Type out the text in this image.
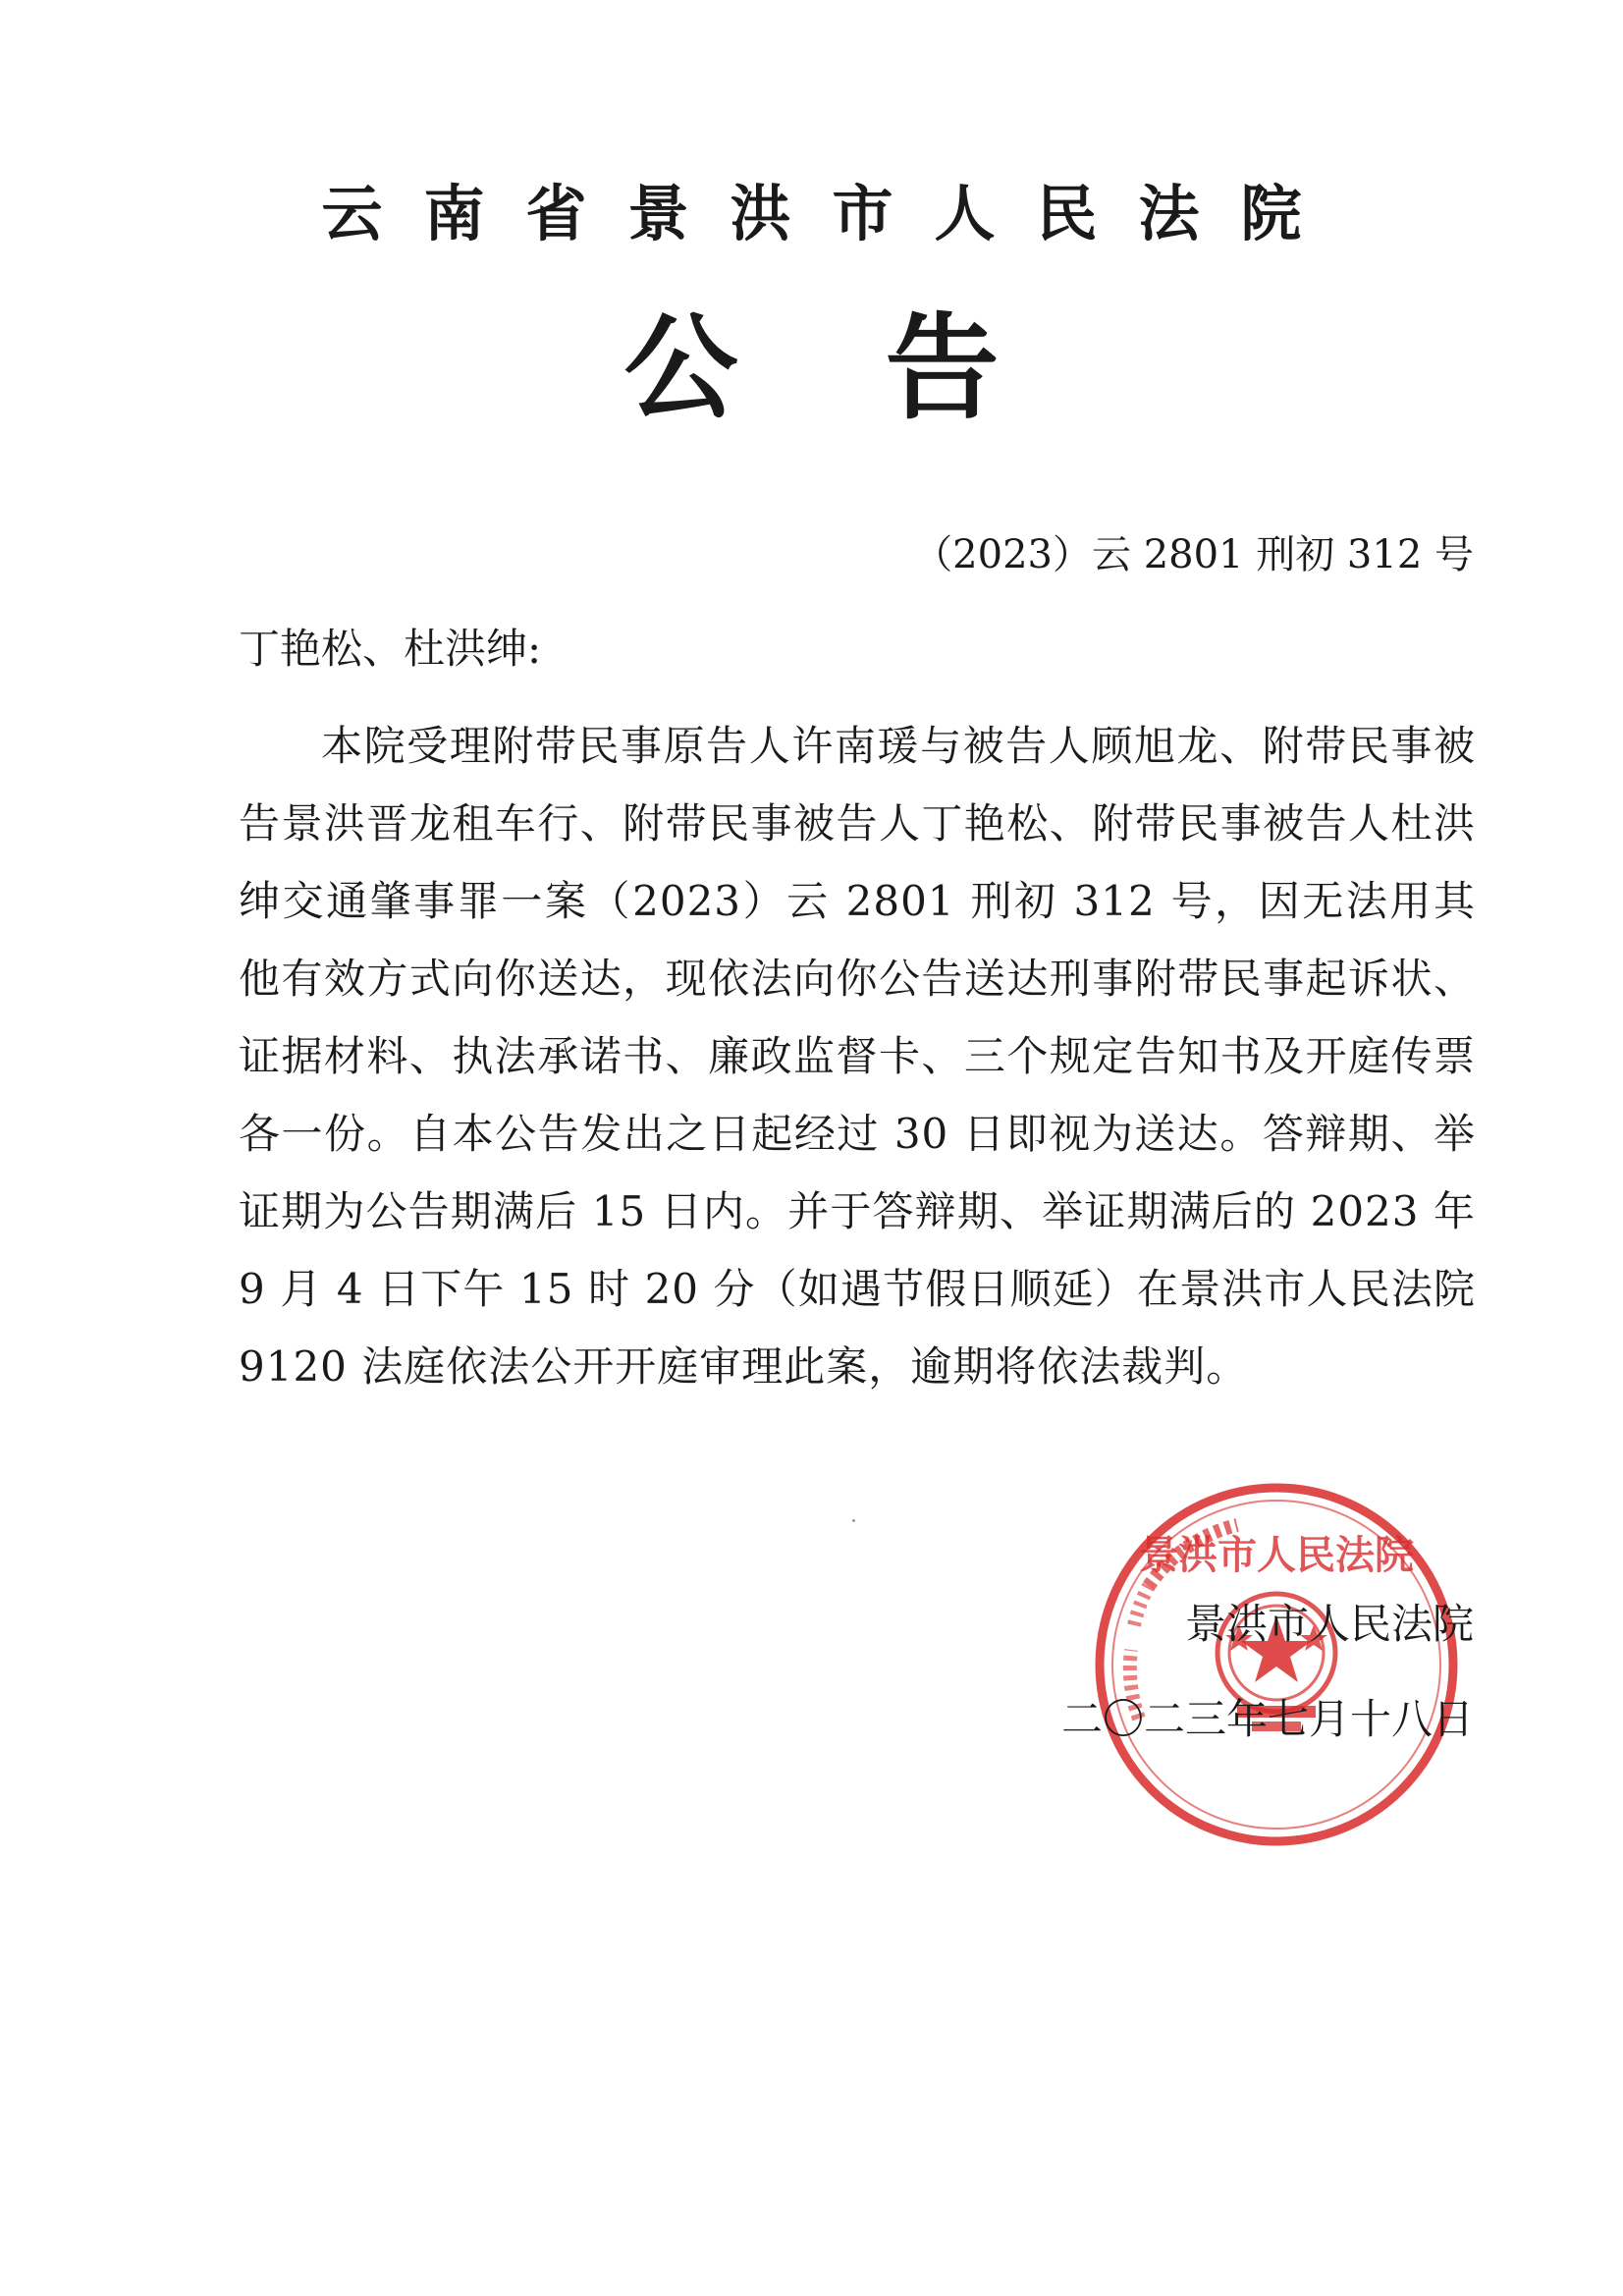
云南省景洪市人民法院
公告
（2023）云 2801 刑初 312 号
丁艳松、杜洪绅:

本院受理附带民事原告人许南瑗与被告人顾旭龙、附带民事被告景洪晋龙租车行、附带民事被告人丁艳松、附带民事被告人杜洪绅交通肇事罪一案（2023）云 2801 刑初 312 号，因无法用其他有效方式向你送达，现依法向你公告送达刑事附带民事起诉状、证据材料、执法承诺书、廉政监督卡、三个规定告知书及开庭传票各一份。自本公告发出之日起经过 30 日即视为送达。答辩期、举证期为公告期满后 15 日内。并于答辩期、举证期满后的 2023 年 9 月 4 日下午 15 时 20 分（如遇节假日顺延）在景洪市人民法院 9120 法庭依法公开开庭审理此案，逾期将依法裁判。

景洪市人民法院
景洪市人民法院
二〇二三年七月十八日
